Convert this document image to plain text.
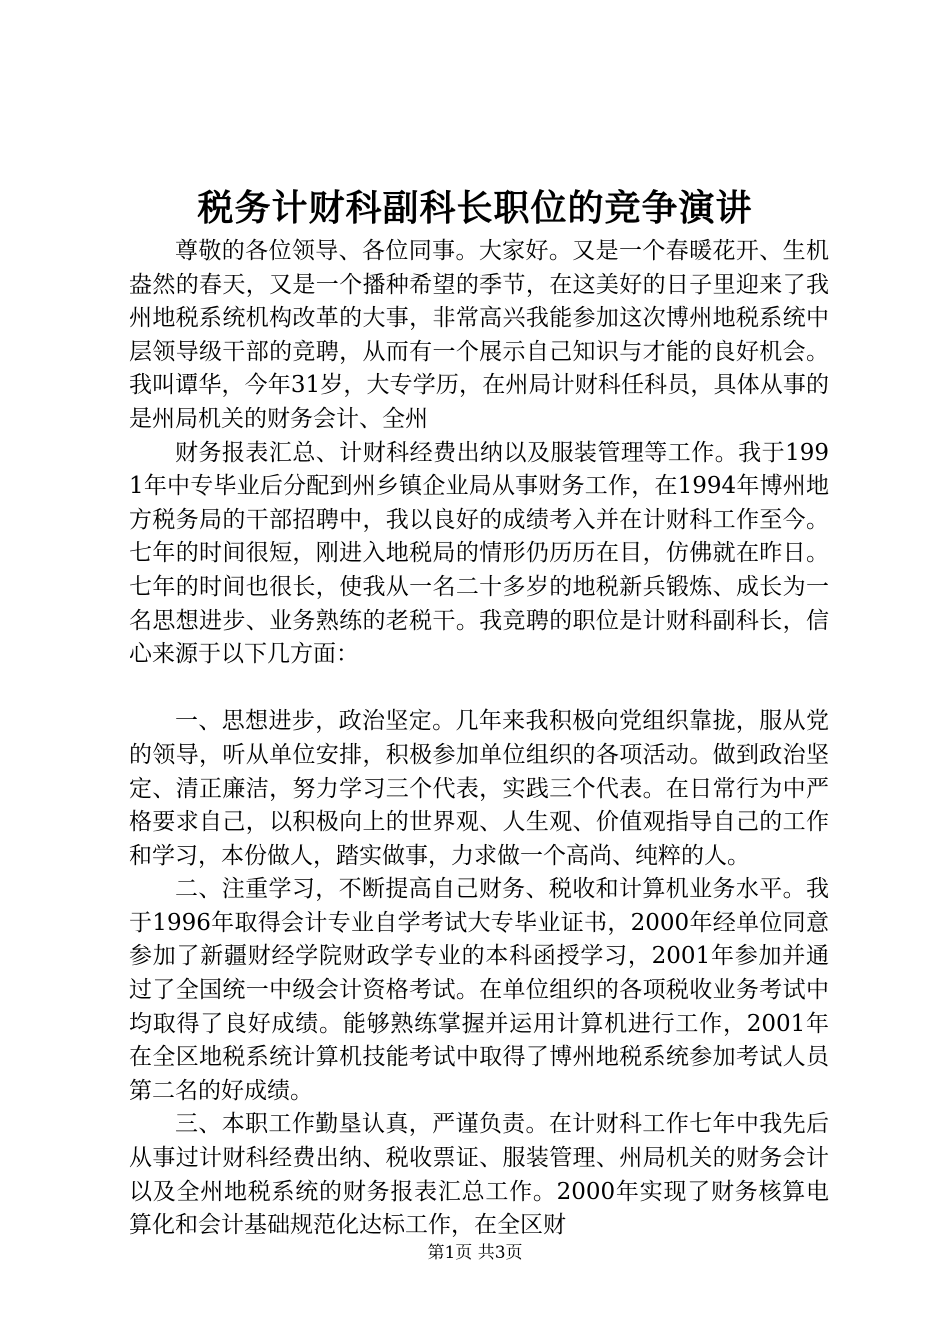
税务计财科副科长职位的竞争演讲

尊敬的各位领导、各位同事。大家好。又是一个春暖花开、生机盎然的春天，又是一个播种希望的季节，在这美好的日子里迎来了我州地税系统机构改革的大事，非常高兴我能参加这次博州地税系统中层领导级干部的竞聘，从而有一个展示自己知识与才能的良好机会。我叫谭华，今年31岁，大专学历，在州局计财科任科员，具体从事的是州局机关的财务会计、全州

财务报表汇总、计财科经费出纳以及服装管理等工作。我于1991年中专毕业后分配到州乡镇企业局从事财务工作，在1994年博州地方税务局的干部招聘中，我以良好的成绩考入并在计财科工作至今。七年的时间很短，刚进入地税局的情形仍历历在目，仿佛就在昨日。七年的时间也很长，使我从一名二十多岁的地税新兵锻炼、成长为一名思想进步、业务熟练的老税干。我竞聘的职位是计财科副科长，信心来源于以下几方面：

一、思想进步，政治坚定。几年来我积极向党组织靠拢，服从党的领导，听从单位安排，积极参加单位组织的各项活动。做到政治坚定、清正廉洁，努力学习三个代表，实践三个代表。在日常行为中严格要求自己，以积极向上的世界观、人生观、价值观指导自己的工作和学习，本份做人，踏实做事，力求做一个高尚、纯粹的人。

二、注重学习，不断提高自己财务、税收和计算机业务水平。我于1996年取得会计专业自学考试大专毕业证书，2000年经单位同意参加了新疆财经学院财政学专业的本科函授学习，2001年参加并通过了全国统一中级会计资格考试。在单位组织的各项税收业务考试中均取得了良好成绩。能够熟练掌握并运用计算机进行工作，2001年在全区地税系统计算机技能考试中取得了博州地税系统参加考试人员第二名的好成绩。

三、本职工作勤垦认真，严谨负责。在计财科工作七年中我先后从事过计财科经费出纳、税收票证、服装管理、州局机关的财务会计以及全州地税系统的财务报表汇总工作。2000年实现了财务核算电算化和会计基础规范化达标工作，在全区财

第1页 共3页
